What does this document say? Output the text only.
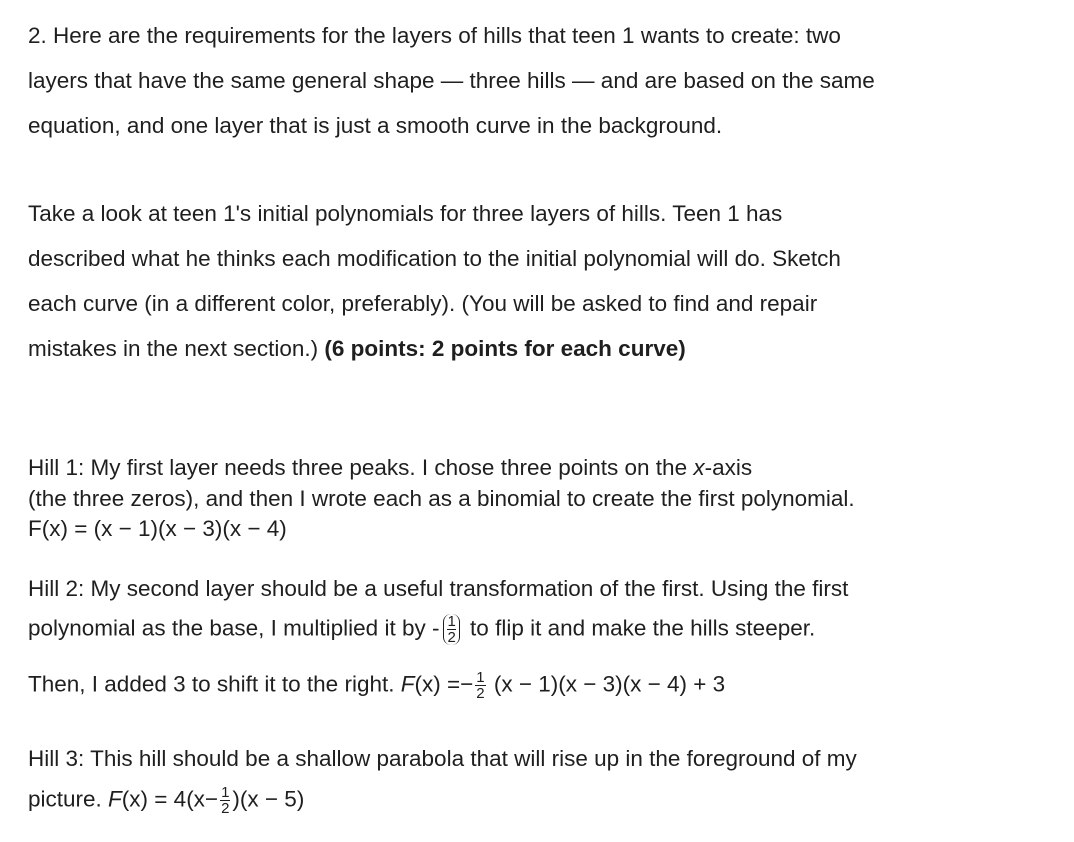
2. Here are the requirements for the layers of hills that teen 1 wants to create: two
layers that have the same general shape — three hills — and are based on the same
equation, and one layer that is just a smooth curve in the background.
Take a look at teen 1's initial polynomials for three layers of hills. Teen 1 has
described what he thinks each modification to the initial polynomial will do. Sketch
each curve (in a different color, preferably). (You will be asked to find and repair
mistakes in the next section.) (6 points: 2 points for each curve)
Hill 1: My first layer needs three peaks. I chose three points on the x-axis
(the three zeros), and then I wrote each as a binomial to create the first polynomial.
F(x) = (x − 1)(x − 3)(x − 4)
Hill 2: My second layer should be a useful transformation of the first. Using the first
polynomial as the base, I multiplied it by - $\frac{1}{2}$ to flip it and make the hills steeper.
Then, I added 3 to shift it to the right. $F(x) =- \frac{1}{2} (x - 1)(x - 3)(x - 4) + 3$
Hill 3: This hill should be a shallow parabola that will rise up in the foreground of my
picture. $F(x) = 4(x- \frac{1}{2} )(x - 5)$
